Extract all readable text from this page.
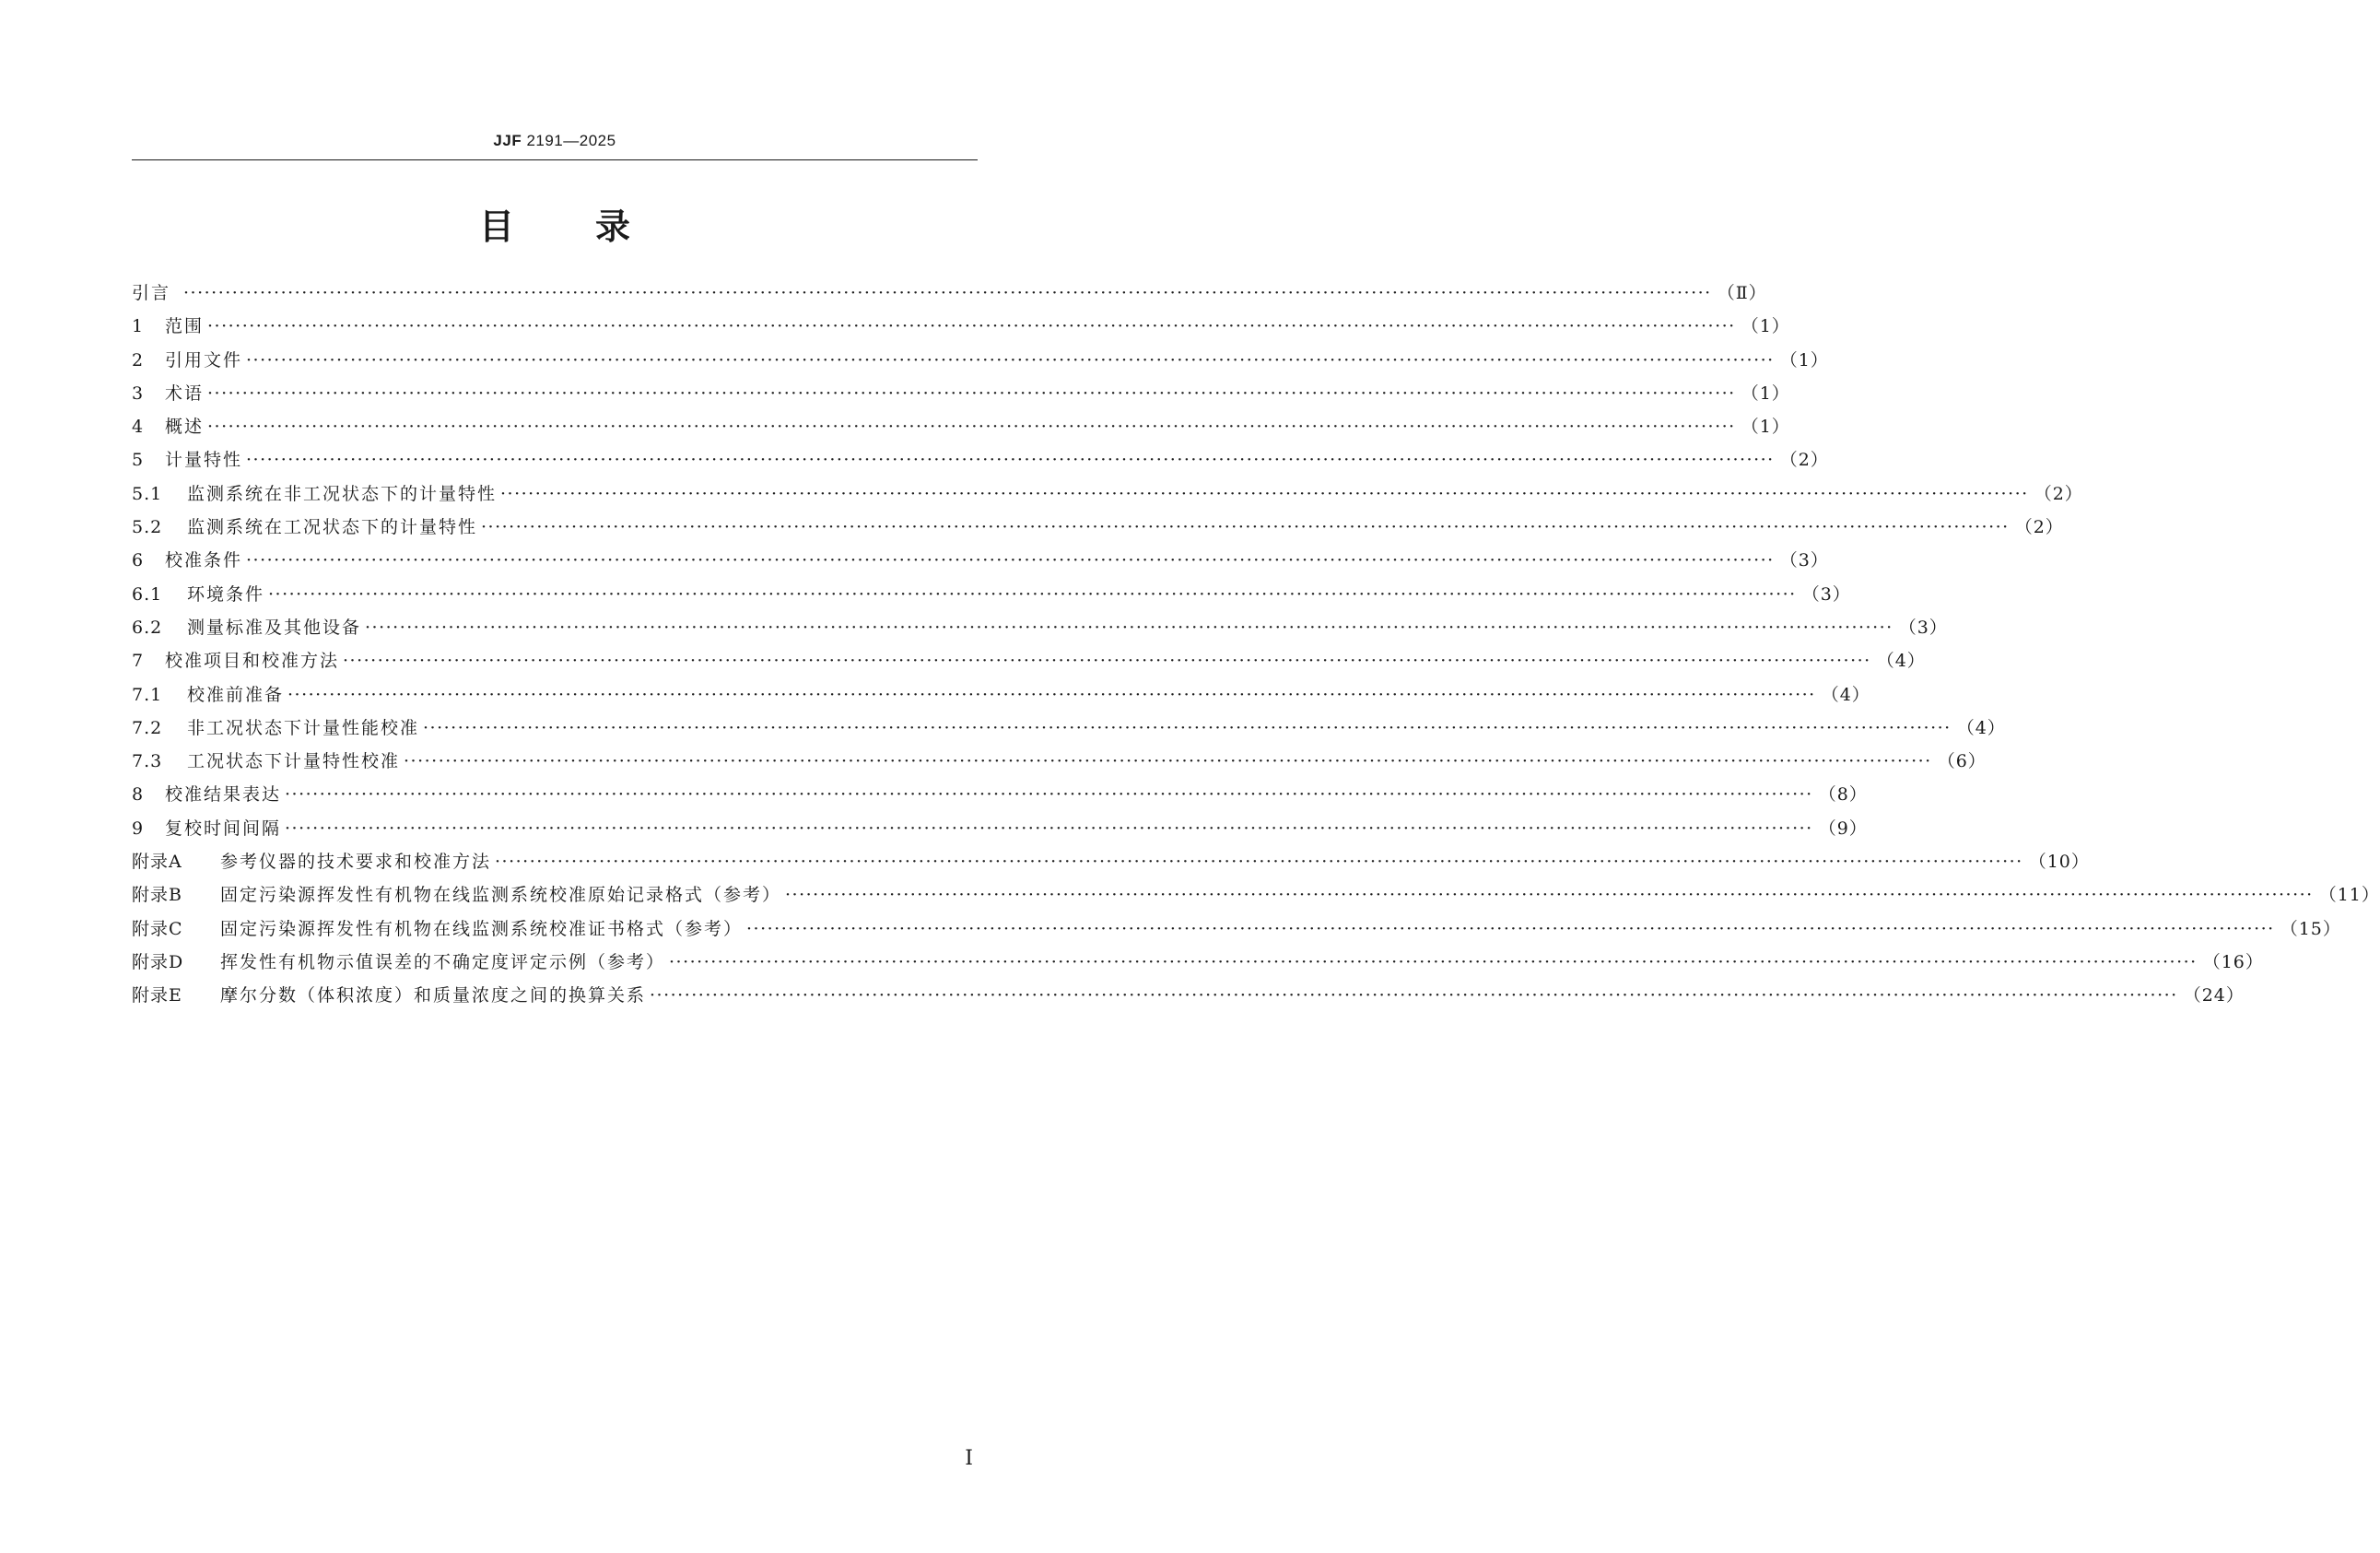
JJF 2191—2025
目录
引言 ···························································································································································································································· （Ⅱ）
1	范围 ···························································································································································································································· （1）
2	引用文件 ···························································································································································································································· （1）
3	术语 ···························································································································································································································· （1）
4	概述 ···························································································································································································································· （1）
5	计量特性 ···························································································································································································································· （2）
5.1	监测系统在非工况状态下的计量特性 ···························································································································································································································· （2）
5.2	监测系统在工况状态下的计量特性 ···························································································································································································································· （2）
6	校准条件 ···························································································································································································································· （3）
6.1	环境条件 ···························································································································································································································· （3）
6.2	测量标准及其他设备 ···························································································································································································································· （3）
7	校准项目和校准方法 ···························································································································································································································· （4）
7.1	校准前准备 ···························································································································································································································· （4）
7.2	非工况状态下计量性能校准 ···························································································································································································································· （4）
7.3	工况状态下计量特性校准 ···························································································································································································································· （6）
8	校准结果表达 ···························································································································································································································· （8）
9	复校时间间隔 ···························································································································································································································· （9）
附录A	参考仪器的技术要求和校准方法 ···························································································································································································································· （10）
附录B	固定污染源挥发性有机物在线监测系统校准原始记录格式（参考） ···························································································································································································································· （11）
附录C	固定污染源挥发性有机物在线监测系统校准证书格式（参考） ···························································································································································································································· （15）
附录D	挥发性有机物示值误差的不确定度评定示例（参考） ···························································································································································································································· （16）
附录E	摩尔分数（体积浓度）和质量浓度之间的换算关系 ···························································································································································································································· （24）
Ⅰ
